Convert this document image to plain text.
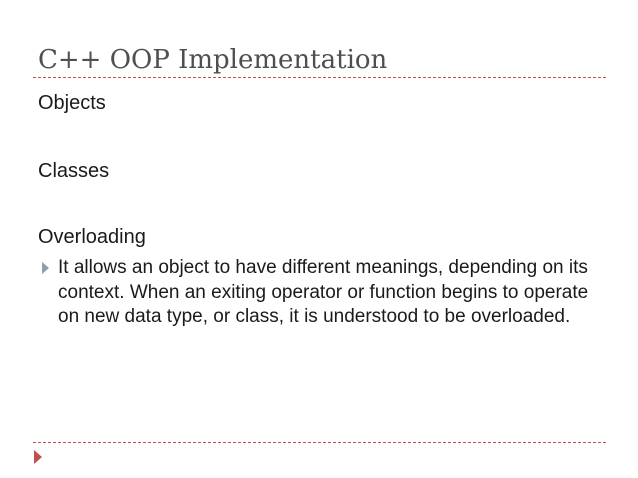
C++ OOP Implementation

Objects

Classes

Overloading

It allows an object to have different meanings, depending on its context. When an exiting operator or function begins to operate on new data type, or class, it is understood to be overloaded.
